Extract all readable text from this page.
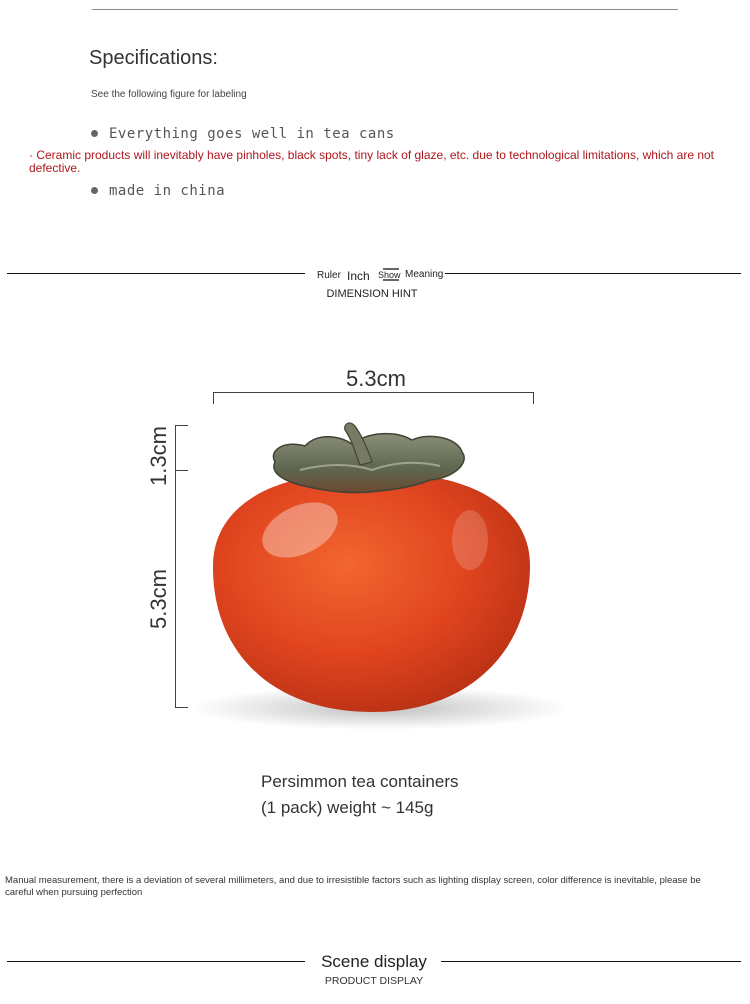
Specifications:
See the following figure for labeling
Everything goes well in tea cans
· Ceramic products will inevitably have pinholes, black spots, tiny lack of glaze, etc. due to technological limitations, which are not defective.
made in china
Ruler Inch Show Meaning
DIMENSION HINT
5.3cm
1.3cm
5.3cm
Persimmon tea containers
(1 pack) weight ~ 145g
Manual measurement, there is a deviation of several millimeters, and due to irresistible factors such as lighting display screen, color difference is inevitable, please be careful when pursuing perfection
Scene display
PRODUCT DISPLAY
